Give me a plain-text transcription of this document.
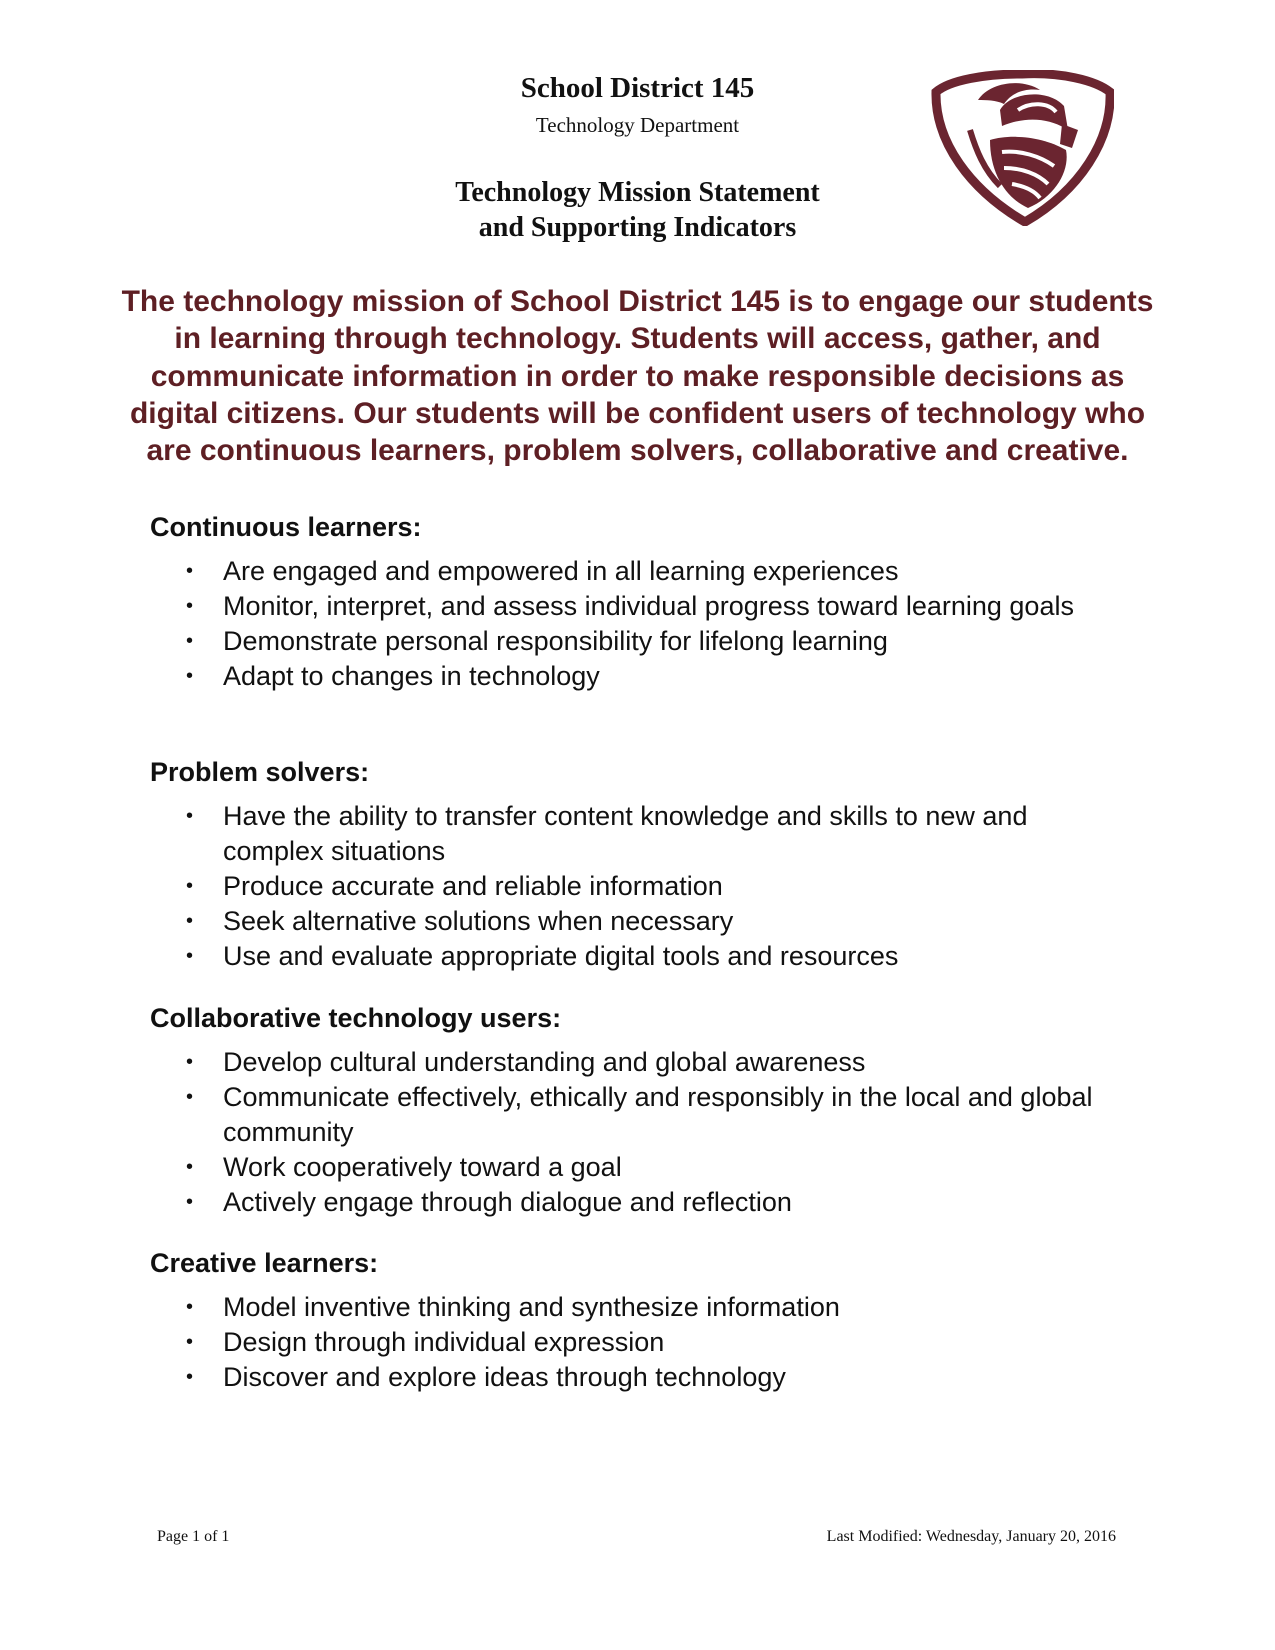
School District 145
Technology Department
Technology Mission Statement
and Supporting Indicators

The technology mission of School District 145 is to engage our students in learning through technology. Students will access, gather, and communicate information in order to make responsible decisions as digital citizens. Our students will be confident users of technology who are continuous learners, problem solvers, collaborative and creative.

Continuous learners:
• Are engaged and empowered in all learning experiences
• Monitor, interpret, and assess individual progress toward learning goals
• Demonstrate personal responsibility for lifelong learning
• Adapt to changes in technology
Problem solvers:
• Have the ability to transfer content knowledge and skills to new and complex situations
• Produce accurate and reliable information
• Seek alternative solutions when necessary
• Use and evaluate appropriate digital tools and resources
Collaborative technology users:
• Develop cultural understanding and global awareness
• Communicate effectively, ethically and responsibly in the local and global community
• Work cooperatively toward a goal
• Actively engage through dialogue and reflection
Creative learners:
• Model inventive thinking and synthesize information
• Design through individual expression
• Discover and explore ideas through technology
Page 1 of 1	Last Modified: Wednesday, January 20, 2016
